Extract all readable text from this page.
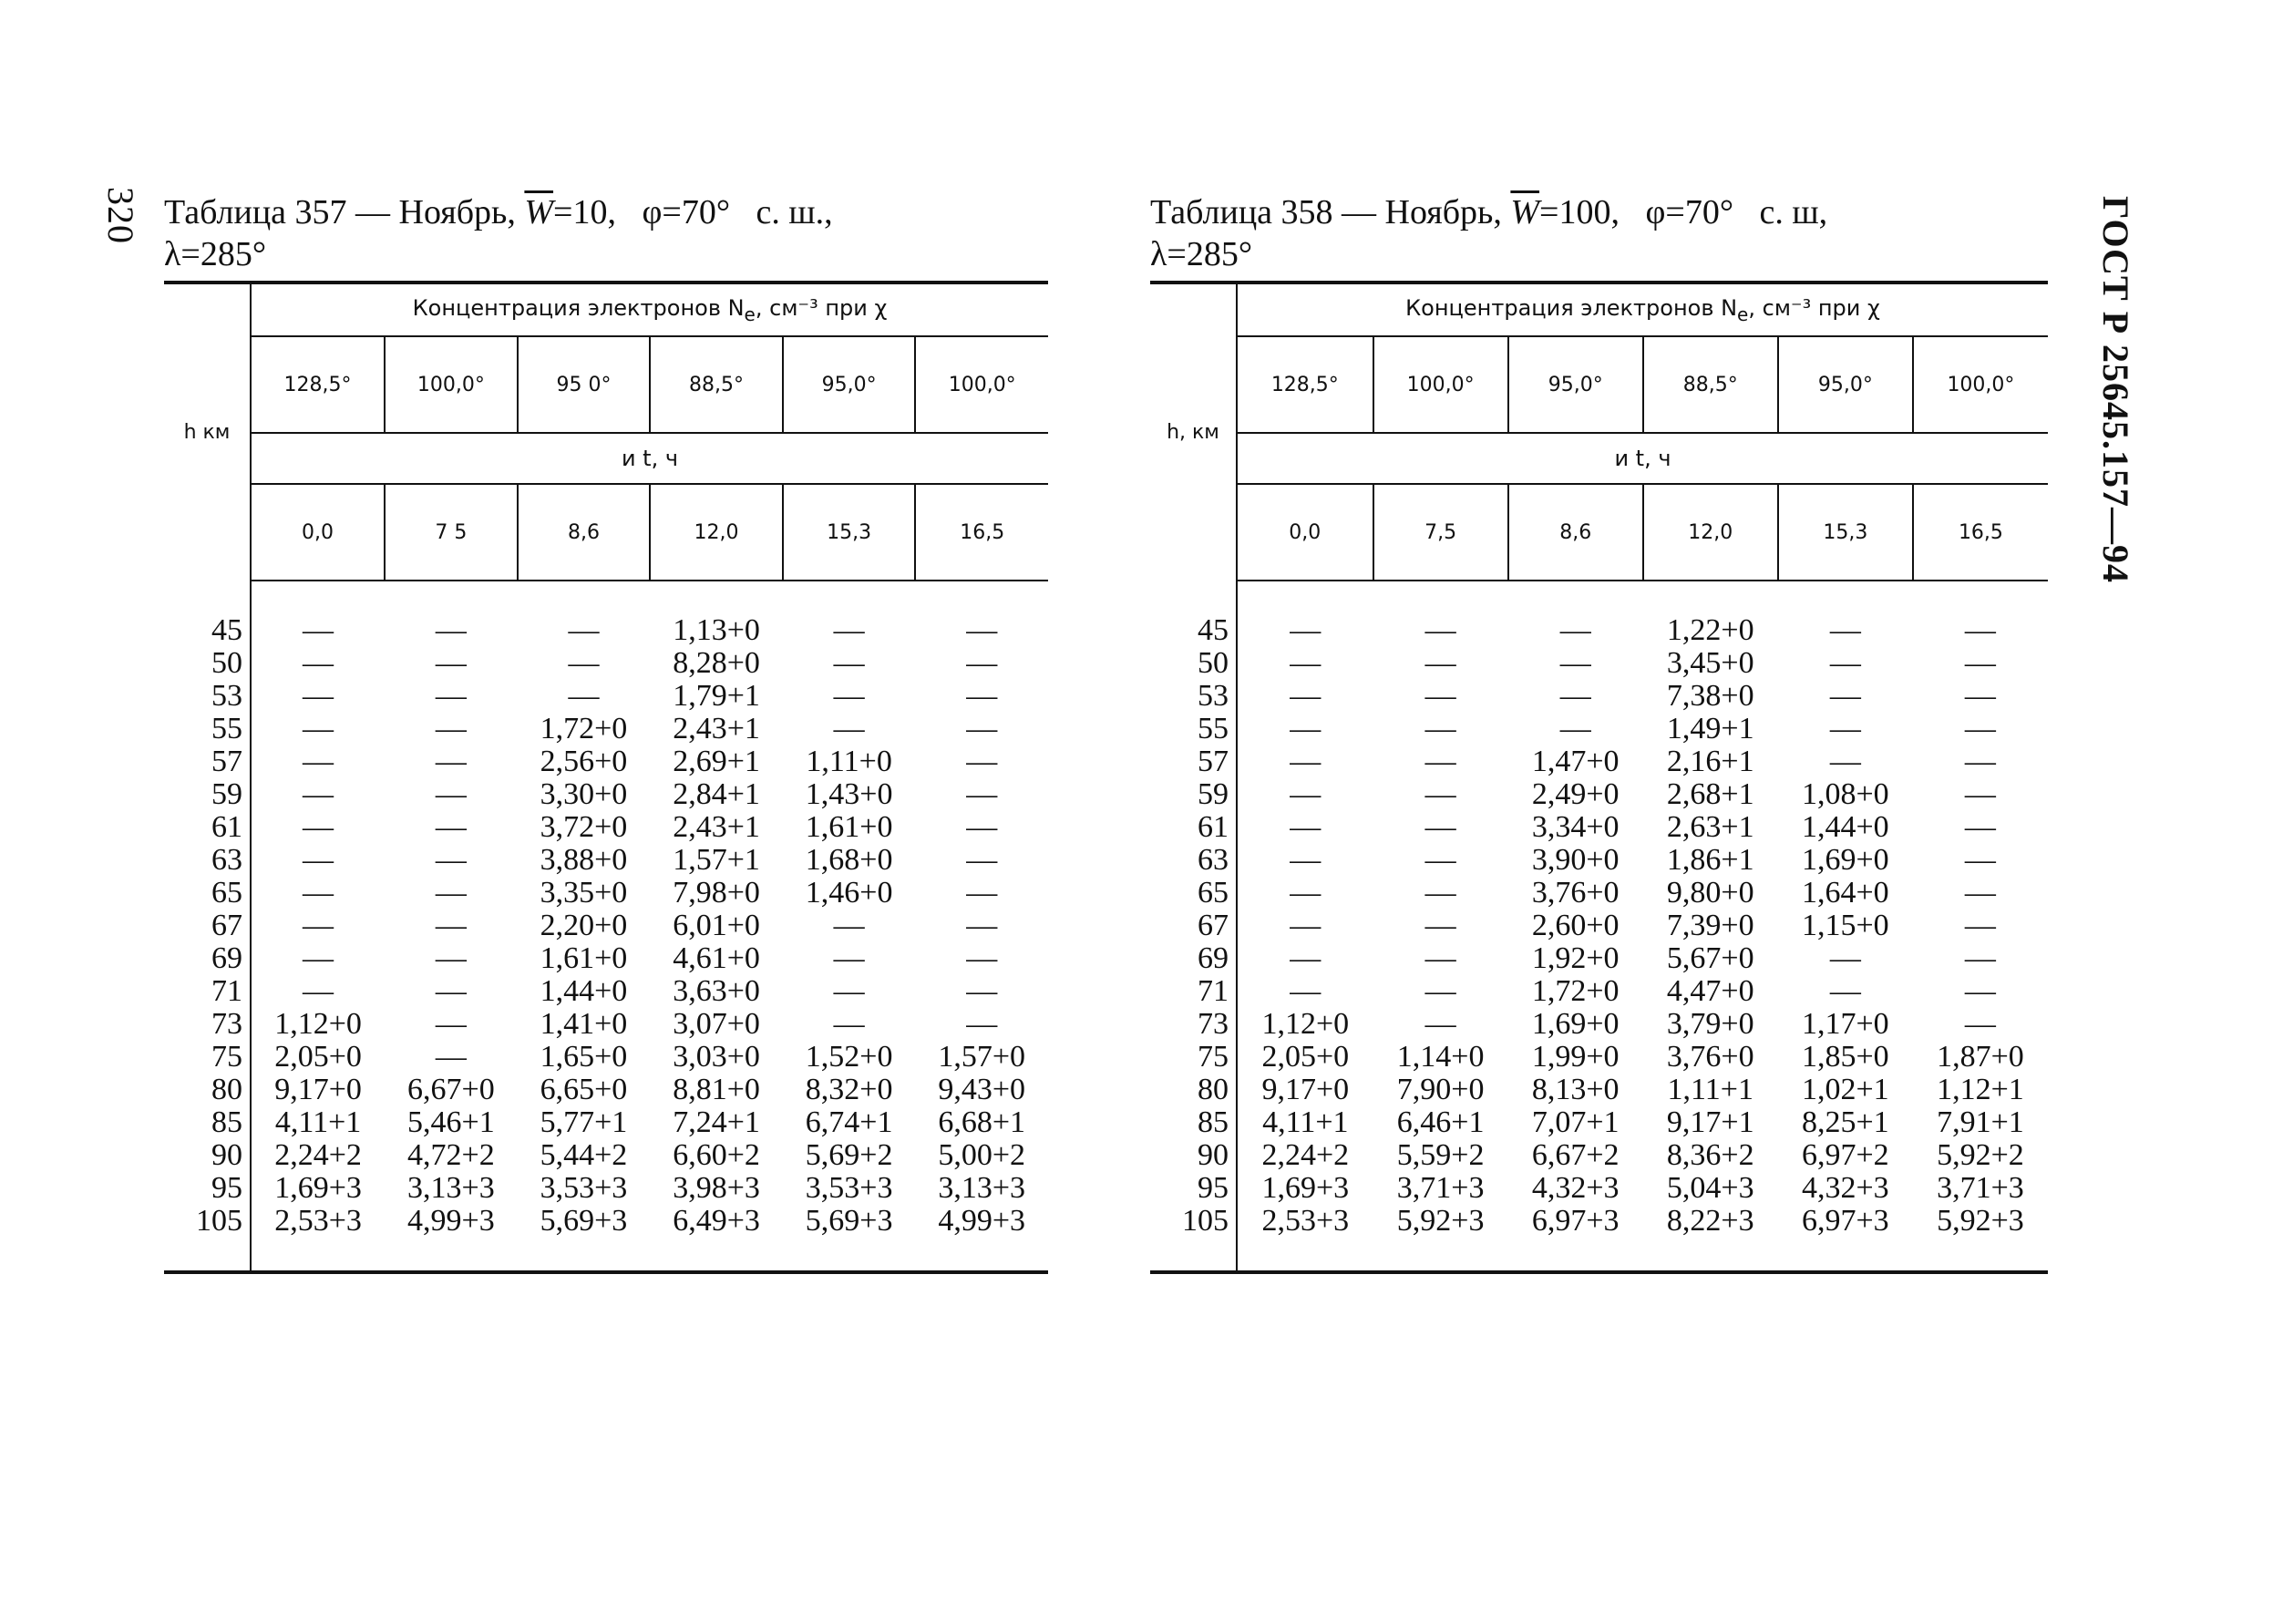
320	ГОСТ Р 25645.157—94
Таблица 357 — Ноябрь, $\overline{W}=10$, φ=70° с. ш.,
λ=285°
h км	Концентрация электронов $N_e$, см⁻³ при χ					
	128,5°	100,0°	95 0°	88,5°	95,0°	100,0°
	и t, ч					
	0,0	7 5	8,6	12,0	15,3	16,5

45	—	—	—	1,13+0	—	—
50	—	—	—	8,28+0	—	—
53	—	—	—	1,79+1	—	—
55	—	—	1,72+0	2,43+1	—	—
57	—	—	2,56+0	2,69+1	1,11+0	—
59	—	—	3,30+0	2,84+1	1,43+0	—
61	—	—	3,72+0	2,43+1	1,61+0	—
63	—	—	3,88+0	1,57+1	1,68+0	—
65	—	—	3,35+0	7,98+0	1,46+0	—
67	—	—	2,20+0	6,01+0	—	—
69	—	—	1,61+0	4,61+0	—	—
71	—	—	1,44+0	3,63+0	—	—
73	1,12+0	—	1,41+0	3,07+0	—	—
75	2,05+0	—	1,65+0	3,03+0	1,52+0	1,57+0
80	9,17+0	6,67+0	6,65+0	8,81+0	8,32+0	9,43+0
85	4,11+1	5,46+1	5,77+1	7,24+1	6,74+1	6,68+1
90	2,24+2	4,72+2	5,44+2	6,60+2	5,69+2	5,00+2
95	1,69+3	3,13+3	3,53+3	3,98+3	3,53+3	3,13+3
105	2,53+3	4,99+3	5,69+3	6,49+3	5,69+3	4,99+3

Таблица 358 — Ноябрь, $\overline{W}=100$, φ=70° с. ш,
λ=285°
h, км	Концентрация электронов $N_e$, см⁻³ при χ					
	128,5°	100,0°	95,0°	88,5°	95,0°	100,0°
	и t, ч					
	0,0	7,5	8,6	12,0	15,3	16,5

45	—	—	—	1,22+0	—	—
50	—	—	—	3,45+0	—	—
53	—	—	—	7,38+0	—	—
55	—	—	—	1,49+1	—	—
57	—	—	1,47+0	2,16+1	—	—
59	—	—	2,49+0	2,68+1	1,08+0	—
61	—	—	3,34+0	2,63+1	1,44+0	—
63	—	—	3,90+0	1,86+1	1,69+0	—
65	—	—	3,76+0	9,80+0	1,64+0	—
67	—	—	2,60+0	7,39+0	1,15+0	—
69	—	—	1,92+0	5,67+0	—	—
71	—	—	1,72+0	4,47+0	—	—
73	1,12+0	—	1,69+0	3,79+0	1,17+0	—
75	2,05+0	1,14+0	1,99+0	3,76+0	1,85+0	1,87+0
80	9,17+0	7,90+0	8,13+0	1,11+1	1,02+1	1,12+1
85	4,11+1	6,46+1	7,07+1	9,17+1	8,25+1	7,91+1
90	2,24+2	5,59+2	6,67+2	8,36+2	6,97+2	5,92+2
95	1,69+3	3,71+3	4,32+3	5,04+3	4,32+3	3,71+3
105	2,53+3	5,92+3	6,97+3	8,22+3	6,97+3	5,92+3
